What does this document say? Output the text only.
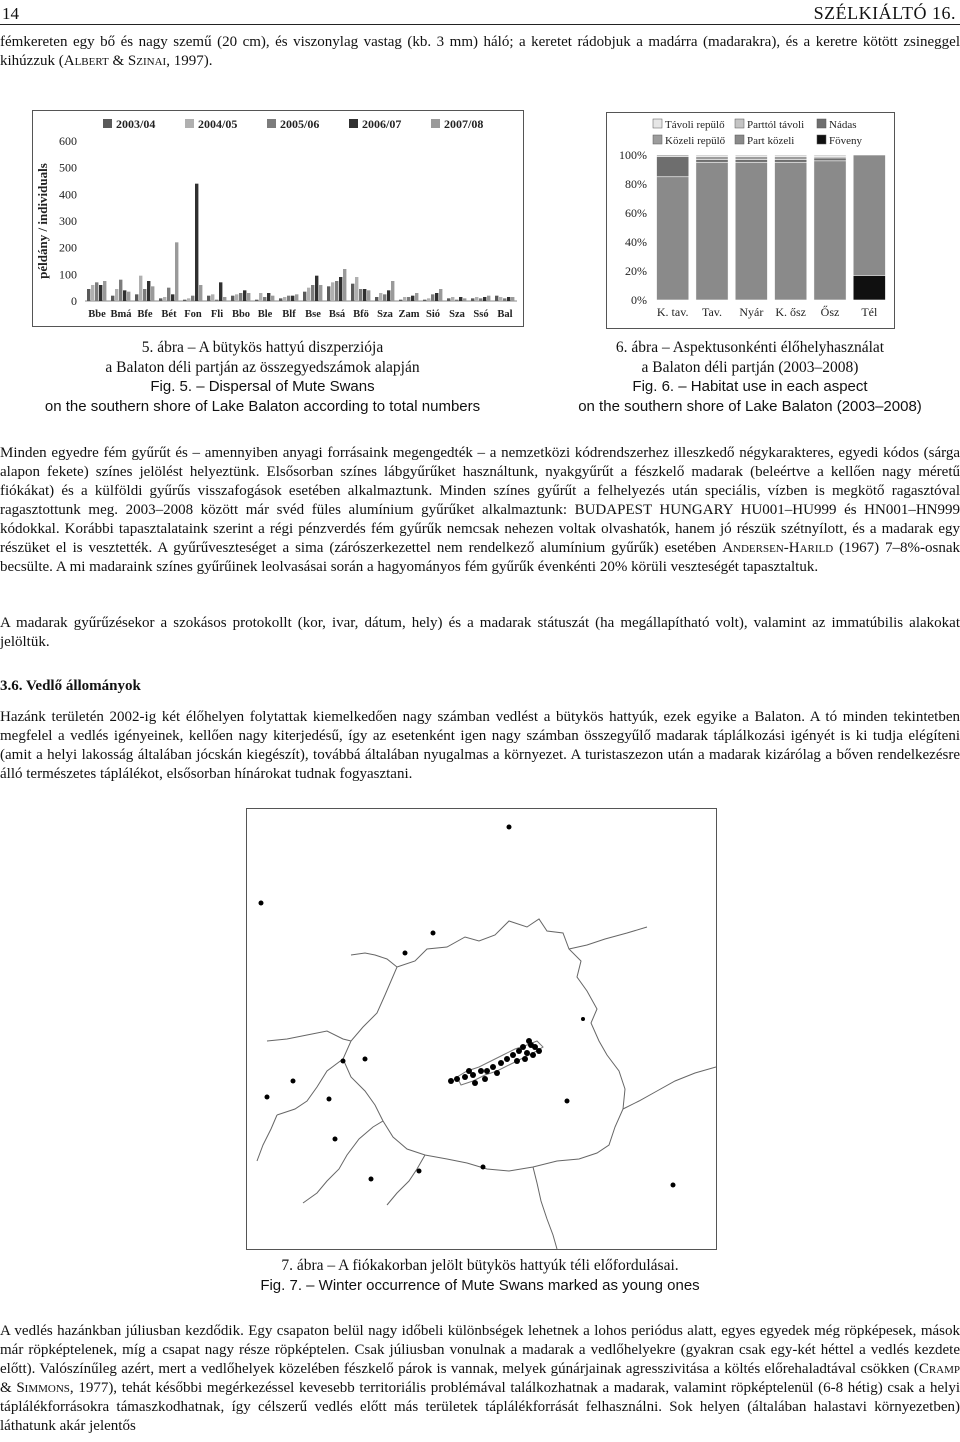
14	SZÉLKIÁLTÓ 16.

fémkereten egy bő és nagy szemű (20 cm), és viszonylag vastag (kb. 3 mm) háló; a keretet rádobjuk a madárra (madarakra), és a keretre kötött zsineggel kihúzzuk (Albert & Szinai, 1997).

2003/04	2004/05	2005/06	2006/07	2007/08
600
500
400
300
200
100
0
példány / individuals
Bbe Bmá Bfe Bét Fon Fli Bbo Ble Blf Bse Bsá Bfö Sza Zam Sió Sza Ssó Bal
5. ábra – A bütykös hattyú diszperziója
a Balaton déli partján az összegyedszámok alapján
Fig. 5. – Dispersal of Mute Swans
on the southern shore of Lake Balaton according to total numbers
Távoli repülő Parttól távoli Nádas
Közeli repülő Part közeli	Föveny
100%
80%
60%
40%
20%
0%
K. tav. Tav. Nyár K. ősz Ősz Tél
6. ábra – Aspektusonkénti élőhelyhasználat
a Balaton déli partján (2003–2008)
Fig. 6. – Habitat use in each aspect
on the southern shore of Lake Balaton (2003–2008)

Minden egyedre fém gyűrűt és – amennyiben anyagi forrásaink megengedték – a nemzetközi kódrendszerhez illeszkedő négykarakteres, egyedi kódos (sárga alapon fekete) színes jelölést helyeztünk. Elsősorban színes lábgyűrűket használtunk, nyakgyűrűt a fészkelő madarak (beleértve a kellően nagy méretű fiókákat) és a külföldi gyűrűs visszafogások esetében alkalmaztunk. Minden színes gyűrűt a felhelyezés után speciális, vízben is megkötő ragasztóval ragasztottunk meg. 2003–2008 között már svéd füles alumínium gyűrűket alkalmaztunk: BUDAPEST HUNGARY HU001–HU999 és HN001–HN999 kódokkal. Korábbi tapasztalataink szerint a régi pénzverdés fém gyűrűk nemcsak nehezen voltak olvashatók, hanem jó részük szétnyílott, és a madarak egy részüket el is vesztették. A gyűrűveszteséget a sima (zárószerkezettel nem rendelkező alumínium gyűrűk) esetében Andersen-Harild (1967) 7–8%-osnak becsülte. A mi madaraink színes gyűrűinek leolvasásai során a hagyományos fém gyűrűk évenkénti 20% körüli veszteségét tapasztaltuk.

A madarak gyűrűzésekor a szokásos protokollt (kor, ivar, dátum, hely) és a madarak státuszát (ha megállapítható volt), valamint az immatúbilis alakokat jelöltük.

3.6. Vedlő állományok

Hazánk területén 2002-ig két élőhelyen folytattak kiemelkedően nagy számban vedlést a bütykös hattyúk, ezek egyike a Balaton. A tó minden tekintetben megfelel a vedlés igényeinek, kellően nagy kiterjedésű, így az esetenként igen nagy számban összegyűlő madarak táplálkozási igényét is ki tudja elégíteni (amit a helyi lakosság általában jócskán kiegészít), továbbá általában nyugalmas a környezet. A turistaszezon után a madarak kizárólag a bőven rendelkezésre álló természetes táplálékot, elsősorban hínárokat tudnak fogyasztani.

7. ábra – A fiókakorban jelölt bütykös hattyúk téli előfordulásai.
Fig. 7. – Winter occurrence of Mute Swans marked as young ones

A vedlés hazánkban júliusban kezdődik. Egy csapaton belül nagy időbeli különbségek lehetnek a lohos periódus alatt, egyes egyedek még röpképesek, mások már röpképtelenek, míg a csapat nagy része röpképtelen. Csak júliusban vonulnak a madarak a vedlőhelyekre (gyakran csak egy-két héttel a vedlés kezdete előtt). Valószínűleg azért, mert a vedlőhelyek közelében fészkelő párok is vannak, melyek gúnárjainak agresszivitása a költés előrehaladtával csökken (Cramp & Simmons, 1977), tehát későbbi megérkezéssel kevesebb territoriális problémával találkozhatnak a madarak, valamint röpképtelenül (6-8 hétig) csak a helyi táplálékforrásokra támaszkodhatnak, így célszerű vedlés előtt más területek táplálékforrását felhasználni. Sok helyen (általában halastavi környezetben) láthatunk akár jelentős
